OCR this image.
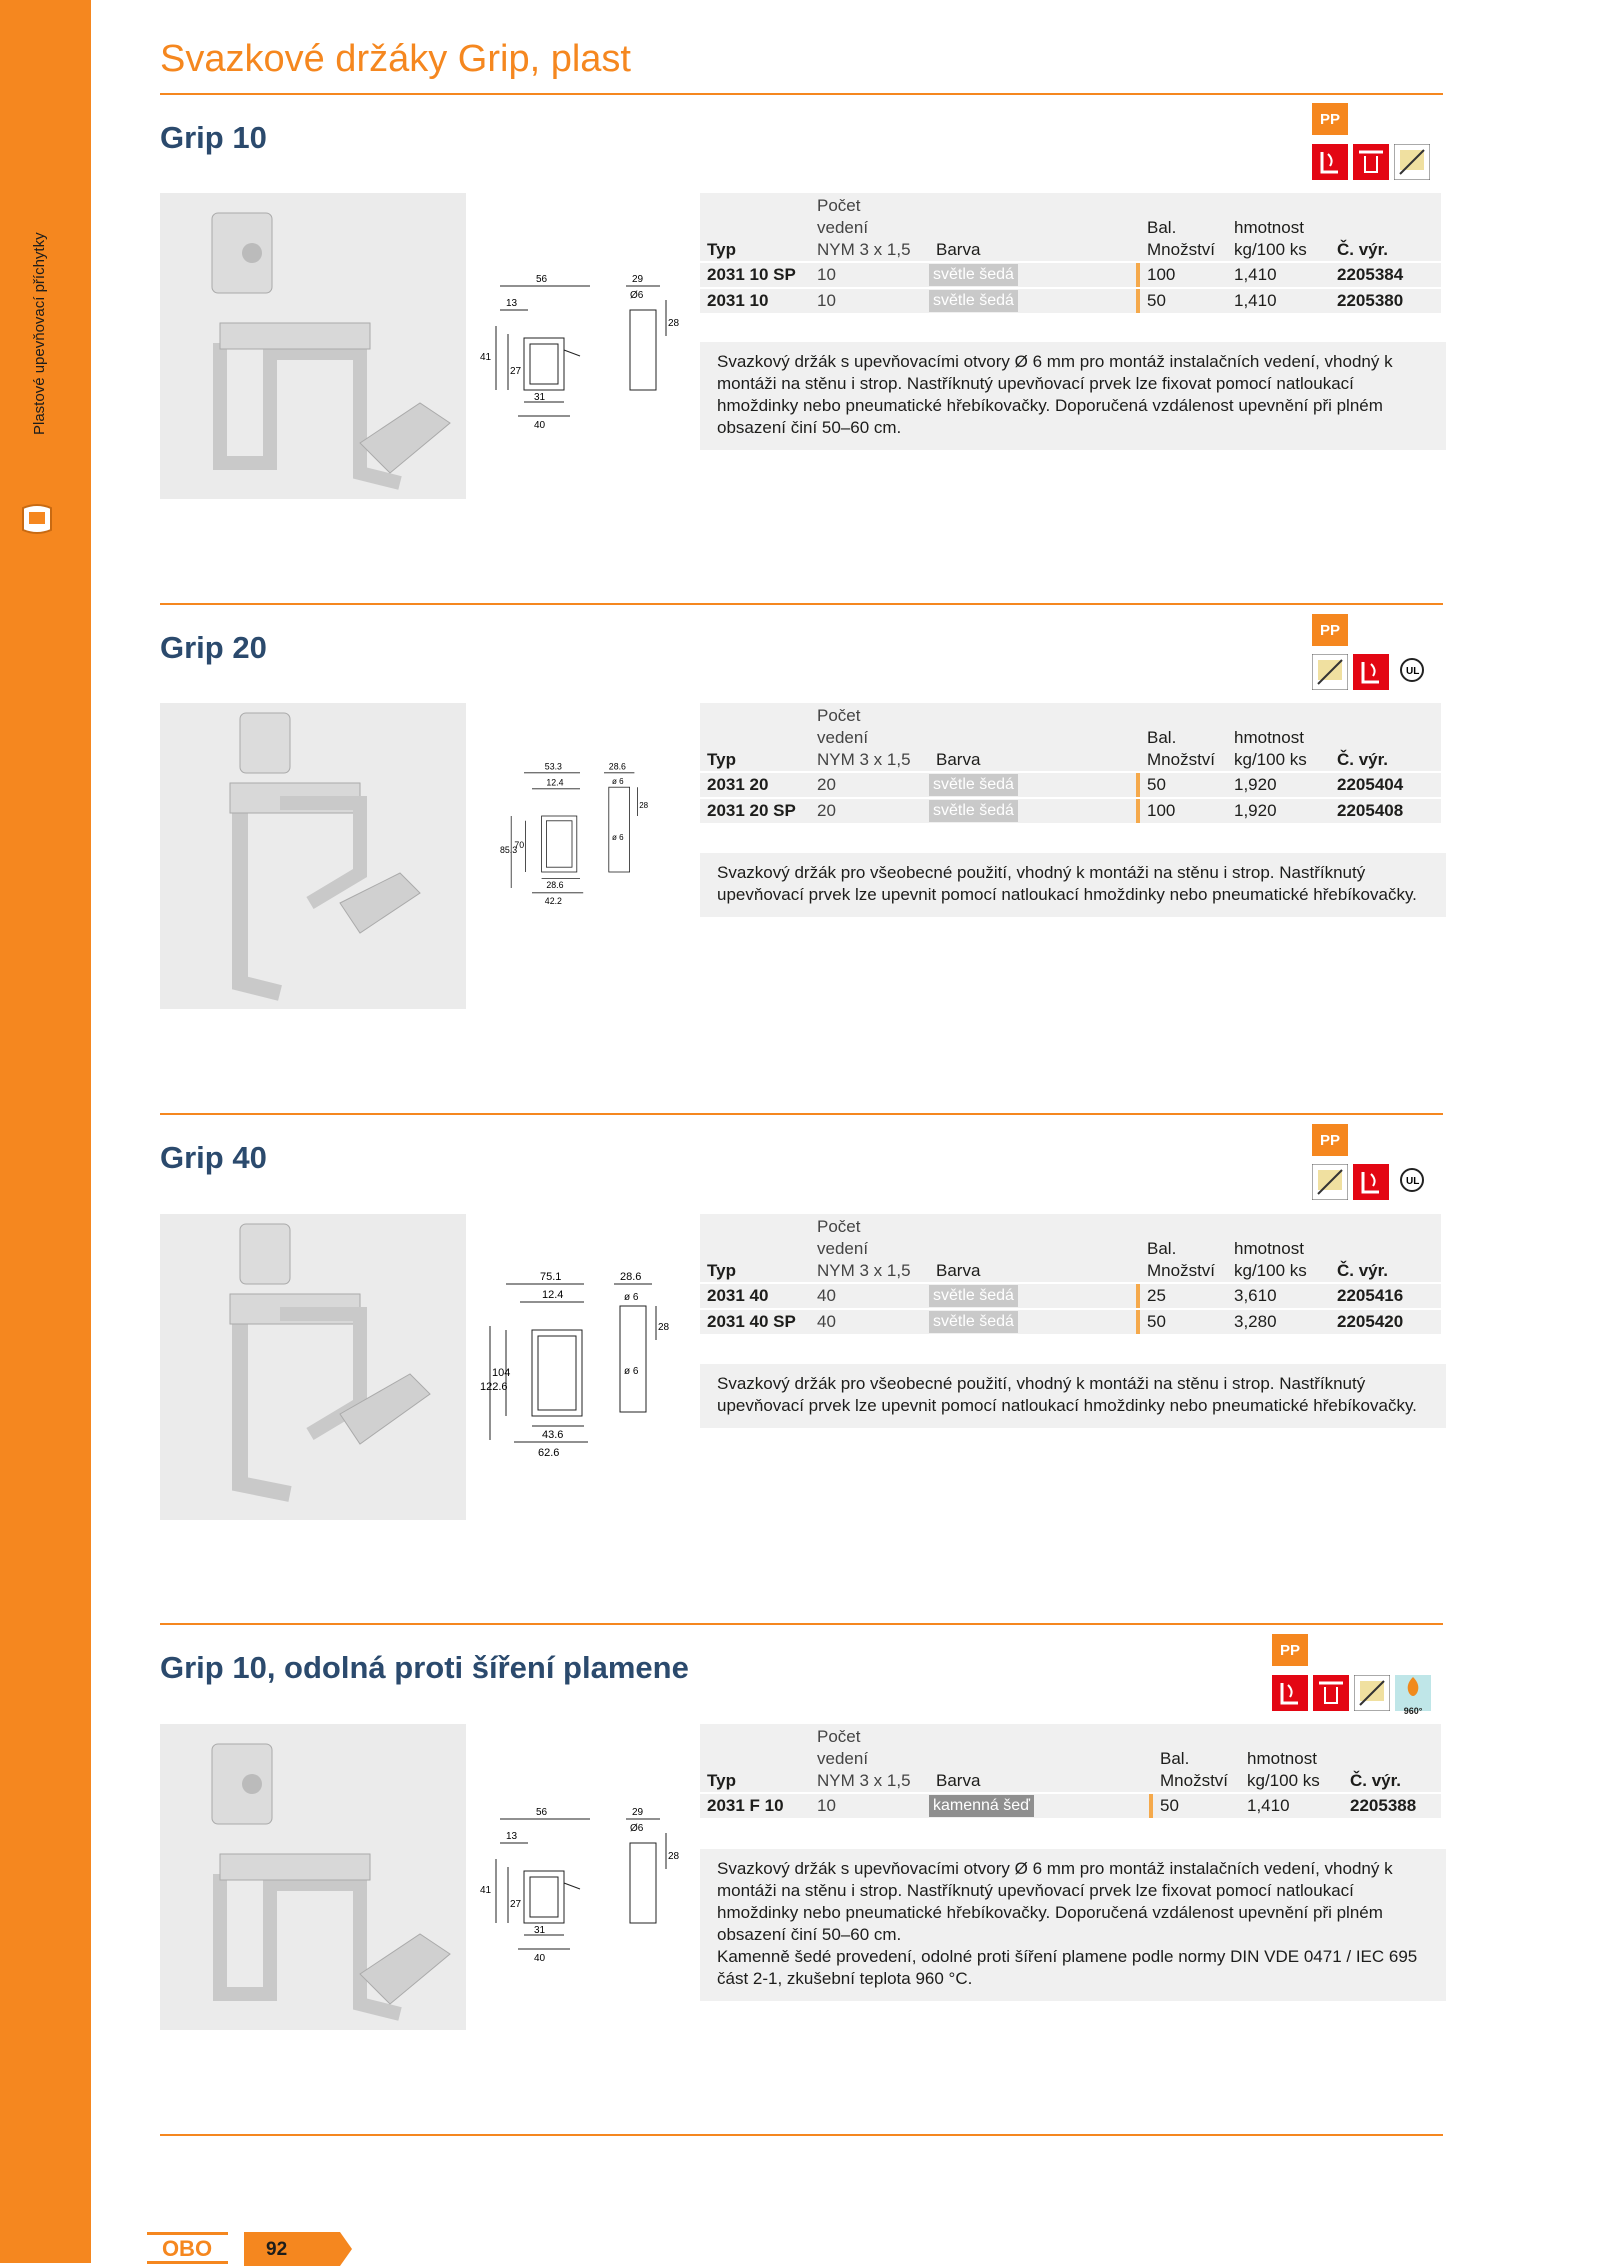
Plastové upevňovací příchytky
Svazkové držáky Grip, plast
Grip 10
PP
56
13
41
27
31
40
29
Ø6
28
Typ	Počet
vedení
NYM 3 x 1,5	Barva		Bal.
Množství	hmotnost
kg/100 ks	Č. výr.
2031 10 SP	10	světle šedá		100	1,410	2205384
2031 10	10	světle šedá		50	1,410	2205380
Svazkový držák s upevňovacími otvory Ø 6 mm pro montáž instalačních vedení, vhodný k montáži na stěnu i strop. Nastříknutý upevňovací prvek lze fixovat pomocí natloukací hmoždinky nebo pneumatické hřebíkovačky. Doporučená vzdálenost upevnění při plném obsazení činí 50–60 cm.
Grip 20	PP
UL
53.3
12.4
85.3
70
28.6
42.2
28.6
ø 6
28
ø 6
Typ	Počet
vedení
NYM 3 x 1,5	Barva		Bal.
Množství	hmotnost
kg/100 ks	Č. výr.
2031 20	20	světle šedá		50	1,920	2205404
2031 20 SP	20	světle šedá		100	1,920	2205408
Svazkový držák pro všeobecné použití, vhodný k montáži na stěnu i strop. Nastříknutý upevňovací prvek lze upevnit pomocí natloukací hmoždinky nebo pneumatické hřebíkovačky.
Grip 40	PP
UL
75.1
12.4
122.6
104
43.6
62.6
28.6
ø 6
28
ø 6
Typ	Počet
vedení
NYM 3 x 1,5	Barva		Bal.
Množství	hmotnost
kg/100 ks	Č. výr.
2031 40	40	světle šedá		25	3,610	2205416
2031 40 SP	40	světle šedá		50	3,280	2205420
Svazkový držák pro všeobecné použití, vhodný k montáži na stěnu i strop. Nastříknutý upevňovací prvek lze upevnit pomocí natloukací hmoždinky nebo pneumatické hřebíkovačky.
Grip 10, odolná proti šíření plamene	PP
960°
56
13
41
27
31
40
29
Ø6
28
Typ	Počet
vedení
NYM 3 x 1,5	Barva		Bal.
Množství	hmotnost
kg/100 ks	Č. výr.
2031 F 10	10	kamenná šeď		50	1,410	2205388
Svazkový držák s upevňovacími otvory Ø 6 mm pro montáž instalačních vedení, vhodný k montáži na stěnu i strop. Nastříknutý upevňovací prvek lze fixovat pomocí natloukací hmoždinky nebo pneumatické hřebíkovačky. Doporučená vzdálenost upevnění při plném obsazení činí 50–60 cm.
Kamenně šedé provedení, odolné proti šíření plamene podle normy DIN VDE 0471 / IEC 695 část 2-1, zkušební teplota 960 °C.
OBO	92
